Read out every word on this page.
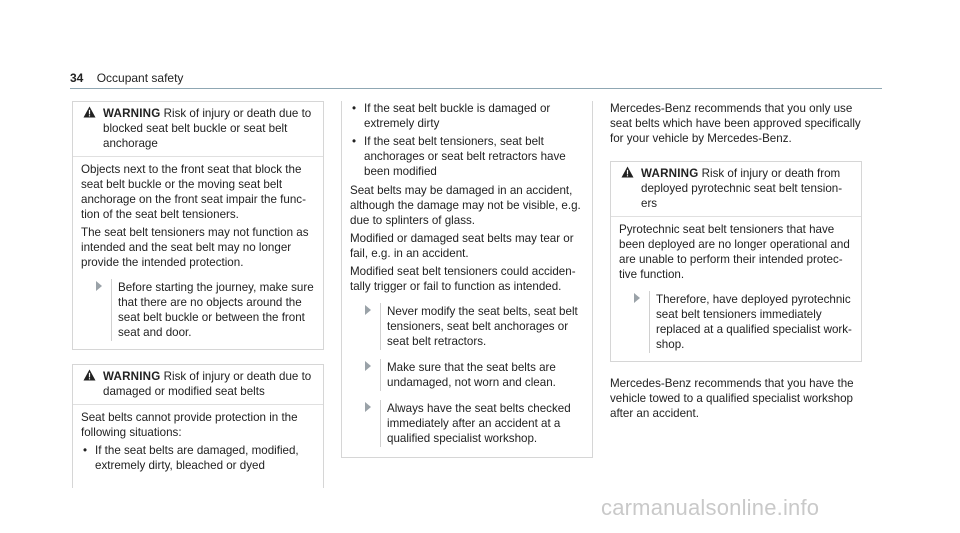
34 Occupant safety
WARNING Risk of injury or death due to blocked seat belt buckle or seat belt anchorage

Objects next to the front seat that block the seat belt buckle or the moving seat belt anchorage on the front seat impair the function of the seat belt tensioners.

The seat belt tensioners may not function as intended and the seat belt may no longer provide the intended protection.

Before starting the journey, make sure that there are no objects around the seat belt buckle or between the front seat and door.
WARNING Risk of injury or death due to damaged or modified seat belts

Seat belts cannot provide protection in the following situations:

• If the seat belts are damaged, modified, extremely dirty, bleached or dyed

• If the seat belt buckle is damaged or extremely dirty

• If the seat belt tensioners, seat belt anchorages or seat belt retractors have been modified

Seat belts may be damaged in an accident, although the damage may not be visible, e.g. due to splinters of glass.

Modified or damaged seat belts may tear or fail, e.g. in an accident.

Modified seat belt tensioners could accidentally trigger or fail to function as intended.

Never modify the seat belts, seat belt tensioners, seat belt anchorages or seat belt retractors.
Make sure that the seat belts are undamaged, not worn and clean.
Always have the seat belts checked immediately after an accident at a qualified specialist workshop.

Mercedes-Benz recommends that you only use seat belts which have been approved specifically for your vehicle by Mercedes-Benz.

WARNING Risk of injury or death from deployed pyrotechnic seat belt tensioners

Pyrotechnic seat belt tensioners that have been deployed are no longer operational and are unable to perform their intended protective function.

Therefore, have deployed pyrotechnic seat belt tensioners immediately replaced at a qualified specialist workshop.

Mercedes-Benz recommends that you have the vehicle towed to a qualified specialist workshop after an accident.

carmanualsonline.info
